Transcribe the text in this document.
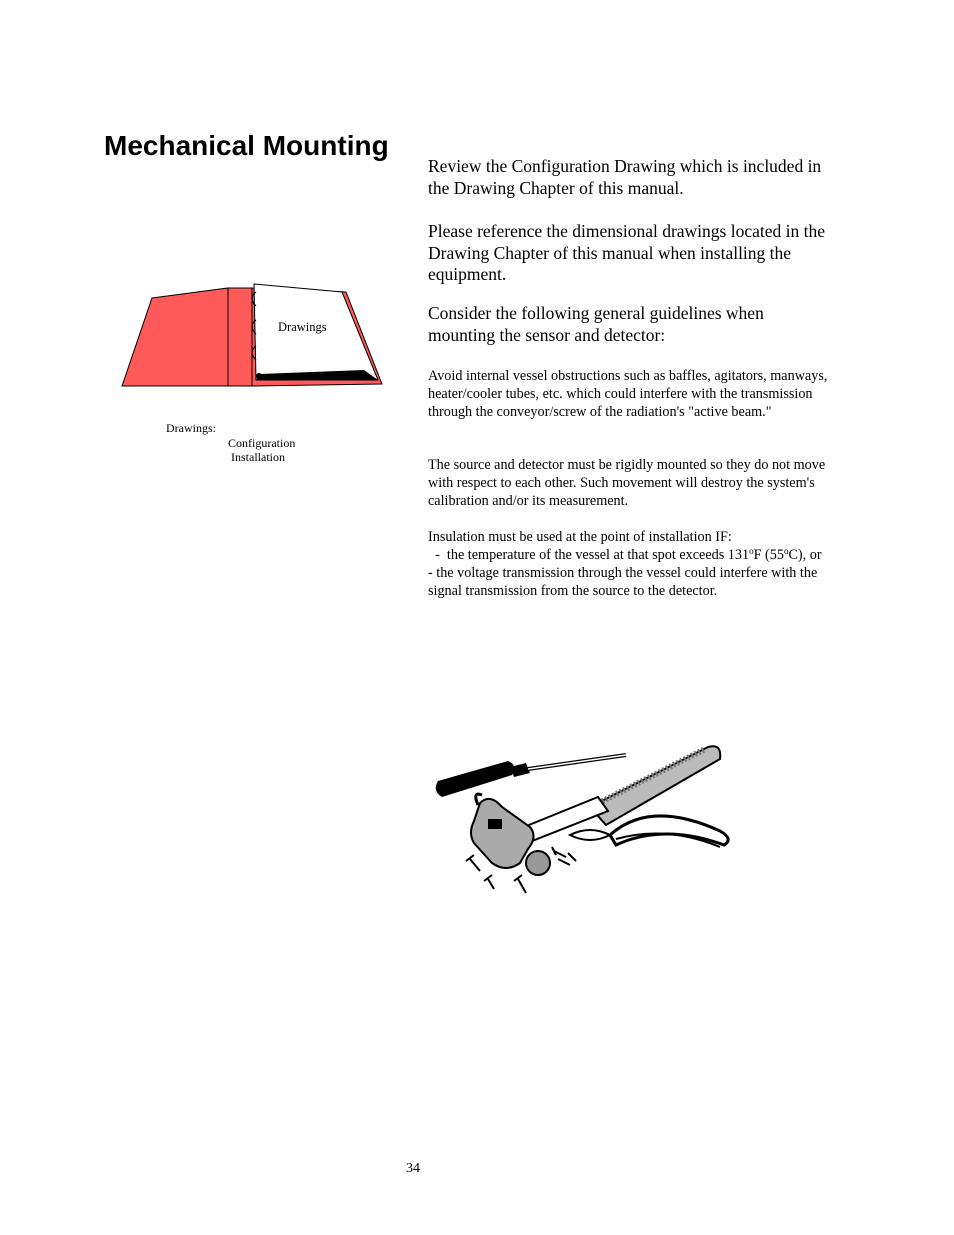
Mechanical Mounting
Drawings
Drawings:
Configuration
Installation

Review the Configuration Drawing which is included in the Drawing Chapter of this manual.

Please reference the dimensional drawings located in the Drawing Chapter of this manual when installing the equipment.

Consider the following general guidelines when mounting the sensor and detector:

Avoid internal vessel obstructions such as baffles, agitators, manways, heater/cooler tubes, etc. which could interfere with the transmission through the conveyor/screw of the radiation's "active beam."

The source and detector must be rigidly mounted so they do not move with respect to each other. Such movement will destroy the system's calibration and/or its measurement.

Insulation must be used at the point of installation IF:
-  the temperature of the vessel at that spot exceeds 131$^o$F (55$^o$C), or - the voltage transmission through the vessel could interfere with the signal transmission from the source to the detector.

34
